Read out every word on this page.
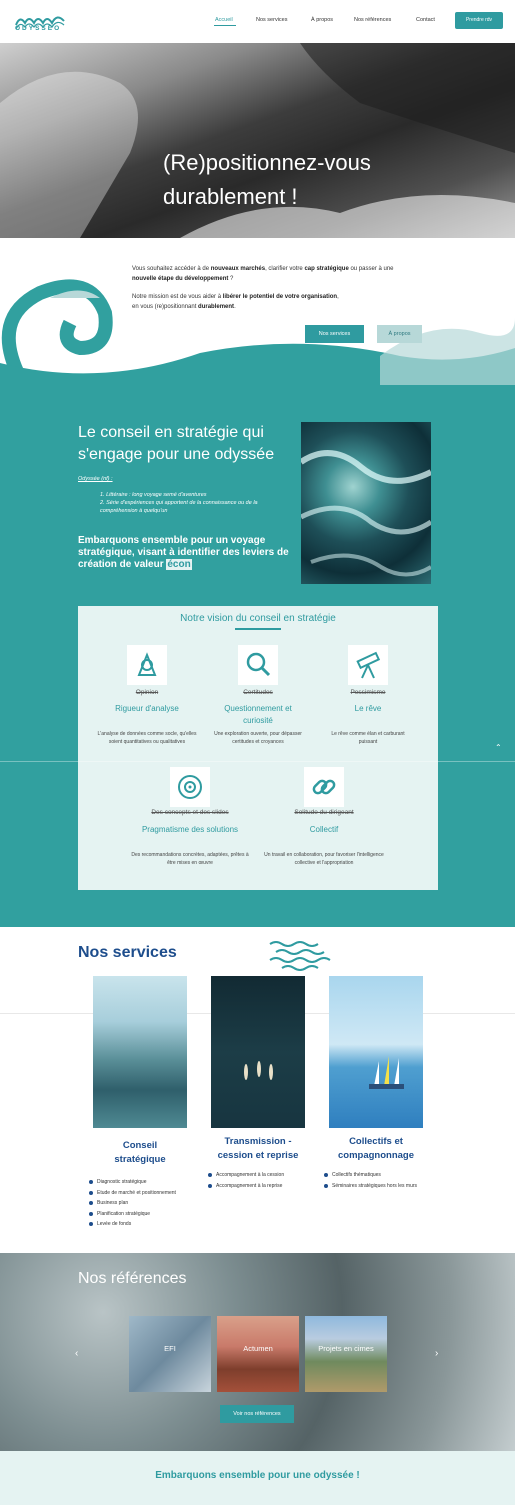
ODYSSEO
Accueil	Nos services	À propos	Nos références	Contact	Prendre rdv
(Re)positionnez-vous
durablement !
Vous souhaitez accéder à de nouveaux marchés, clarifier votre cap stratégique ou passer à une
nouvelle étape du développement ?
Notre mission est de vous aider à libérer le potentiel de votre organisation,
en vous (re)positionnant durablement.
Nos services	À propos
Le conseil en stratégie qui s'engage pour une odyssée
Odyssée (nf) :
1. Littéraire : long voyage semé d'aventures
2. Série d'expériences qui apportent de la connaissance ou de la compréhension à quelqu'un
Embarquons ensemble pour un voyage stratégique, visant à identifier des leviers de création de valeur écon
Notre vision du conseil en stratégie
Opinion
Rigueur d'analyse
L'analyse de données comme socle, qu'elles soient quantitatives ou qualitatives
Certitudes
Questionnement et curiosité
Une exploration ouverte, pour dépasser certitudes et croyances
Pessimisme
Le rêve
Le rêve comme élan et carburant puissant
Des concepts et des slides
Pragmatisme des solutions
Des recommandations concrètes, adaptées, prêtes à être mises en œuvre
Solitude du dirigeant
Collectif
Un travail en collaboration, pour favoriser l'intelligence collective et l'appropriation
⌃
Nos services
Conseil
stratégique
Diagnostic stratégique
Etude de marché et positionnement
Business plan
Planification stratégique
Levée de fonds
Transmission -
cession et reprise
Accompagnement à la cession
Accompagnement à la reprise
Collectifs et
compagnonnage
Collectifs thématiques
Séminaires stratégiques hors les murs
Nos références
‹	›
EFI	Actumen	Projets en cimes
Voir nos références
Embarquons ensemble pour une odyssée !
